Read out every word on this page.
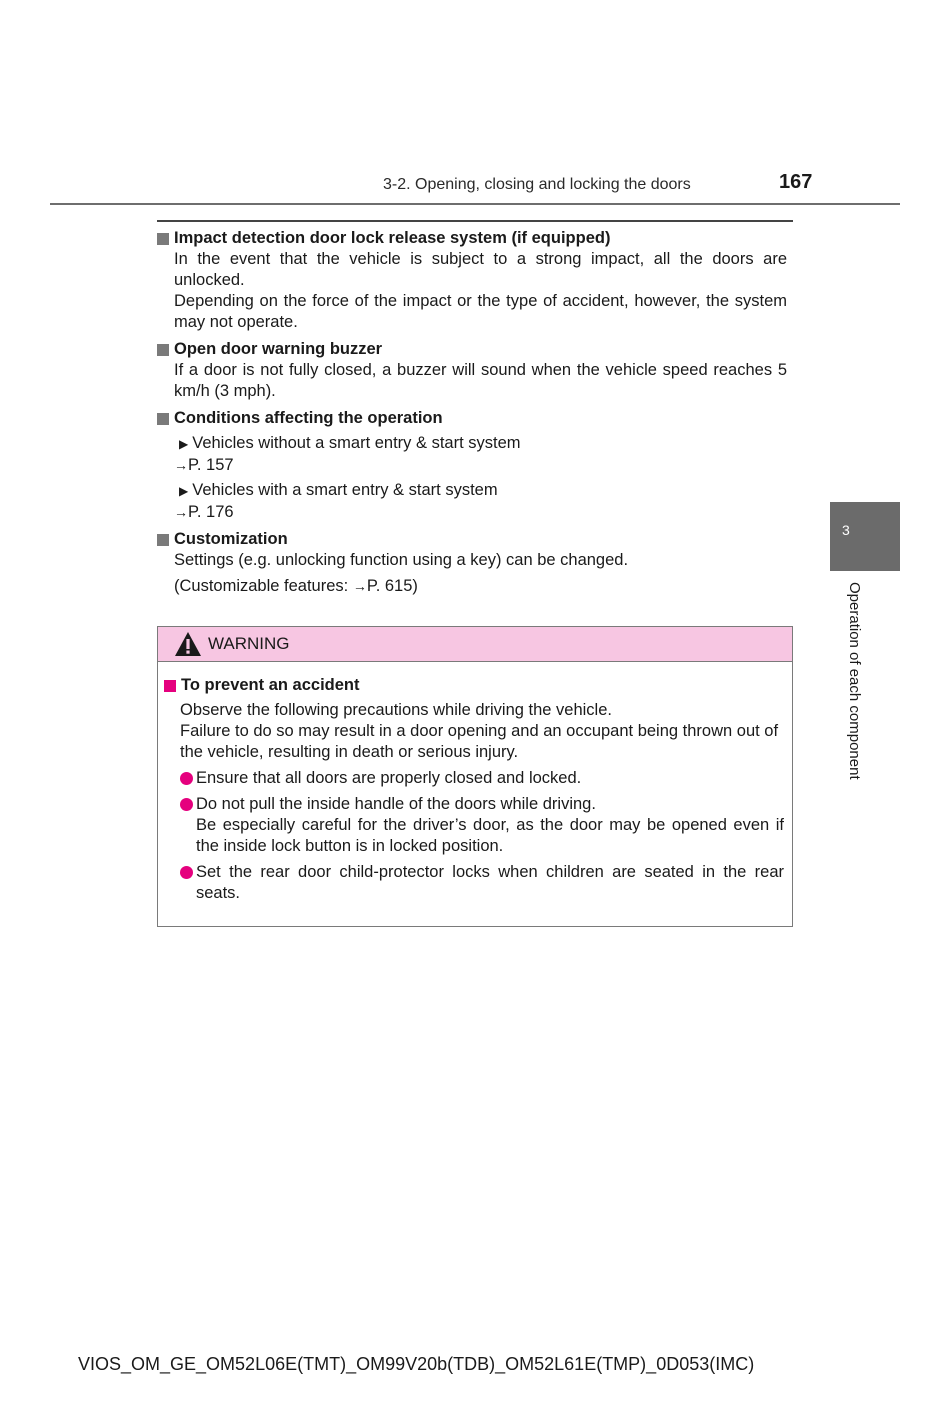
3-2. Opening, closing and locking the doors	167
Impact detection door lock release system (if equipped)
In the event that the vehicle is subject to a strong impact, all the doors are unlocked.
Depending on the force of the impact or the type of accident, however, the system may not operate.
Open door warning buzzer
If a door is not fully closed, a buzzer will sound when the vehicle speed reaches 5 km/h (3 mph).
Conditions affecting the operation
▶ Vehicles without a smart entry & start system
→P. 157
▶ Vehicles with a smart entry & start system
→P. 176
Customization
Settings (e.g. unlocking function using a key) can be changed.
(Customizable features: →P. 615)
WARNING
To prevent an accident
Observe the following precautions while driving the vehicle.
Failure to do so may result in a door opening and an occupant being thrown out of the vehicle, resulting in death or serious injury.
Ensure that all doors are properly closed and locked.
Do not pull the inside handle of the doors while driving.
Be especially careful for the driver’s door, as the door may be opened even if the inside lock button is in locked position.
Set the rear door child-protector locks when children are seated in the rear seats.
3
Operation of each component
VIOS_OM_GE_OM52L06E(TMT)_OM99V20b(TDB)_OM52L61E(TMP)_0D053(IMC)
